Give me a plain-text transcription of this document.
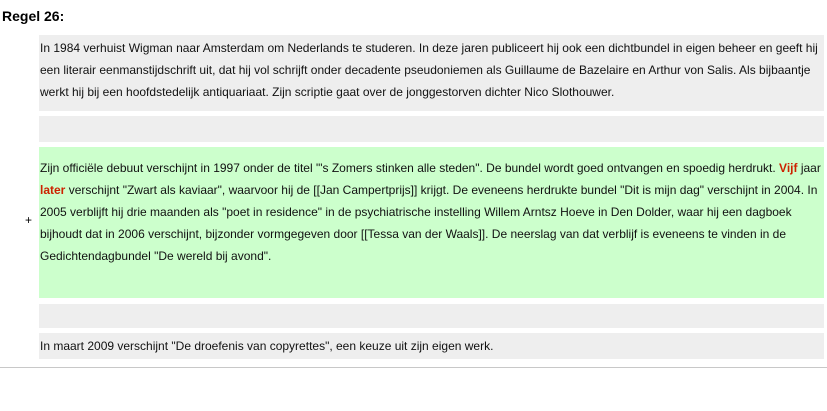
Regel 26:
In 1984 verhuist Wigman naar Amsterdam om Nederlands te studeren. In deze jaren publiceert hij ook een dichtbundel in eigen beheer en geeft hij een literair eenmanstijdschrift uit, dat hij vol schrijft onder decadente pseudoniemen als Guillaume de Bazelaire en Arthur von Salis. Als bijbaantje werkt hij bij een hoofdstedelijk antiquariaat. Zijn scriptie gaat over de jonggestorven dichter Nico Slothouwer.
Zijn officiële debuut verschijnt in 1997 onder de titel "'s Zomers stinken alle steden". De bundel wordt goed ontvangen en spoedig herdrukt. Vijf jaar later verschijnt "Zwart als kaviaar", waarvoor hij de [[Jan Campertprijs]] krijgt. De eveneens herdrukte bundel "Dit is mijn dag" verschijnt in 2004. In 2005 verblijft hij drie maanden als "poet in residence" in de psychiatrische instelling Willem Arntsz Hoeve in Den Dolder, waar hij een dagboek bijhoudt dat in 2006 verschijnt, bijzonder vormgegeven door [[Tessa van der Waals]]. De neerslag van dat verblijf is eveneens te vinden in de Gedichtendagbundel "De wereld bij avond".
+
In maart 2009 verschijnt "De droefenis van copyrettes", een keuze uit zijn eigen werk.
